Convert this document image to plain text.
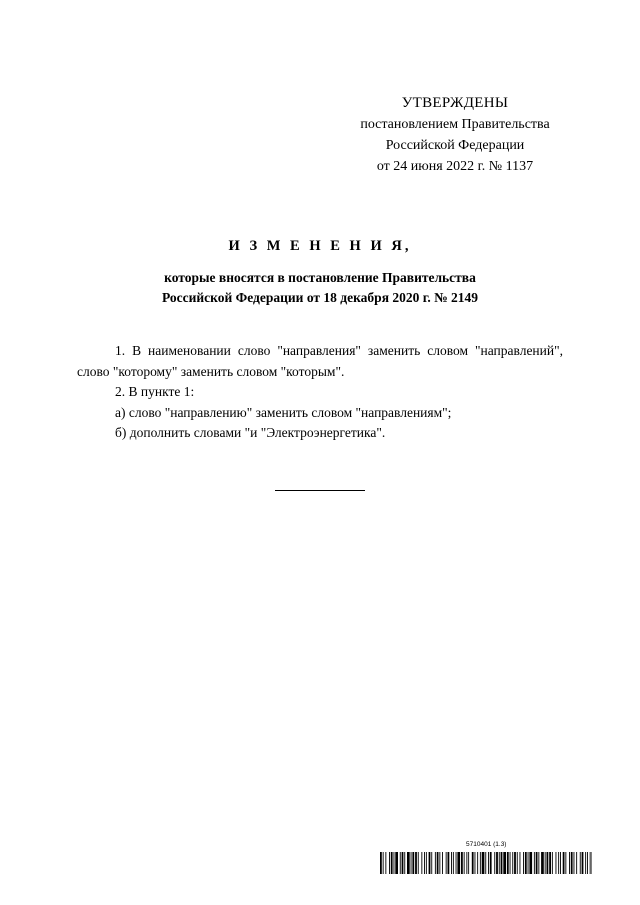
УТВЕРЖДЕНЫ
постановлением Правительства
Российской Федерации
от 24 июня 2022 г. № 1137
И З М Е Н Е Н И Я,
которые вносятся в постановление Правительства
Российской Федерации от 18 декабря 2020 г. № 2149

1. В наименовании слово "направления" заменить словом "направлений", слово "которому" заменить словом "которым".

2. В пункте 1:

а) слово "направлению" заменить словом "направлениям";

б) дополнить словами "и "Электроэнергетика".

5710401 (1.3)
